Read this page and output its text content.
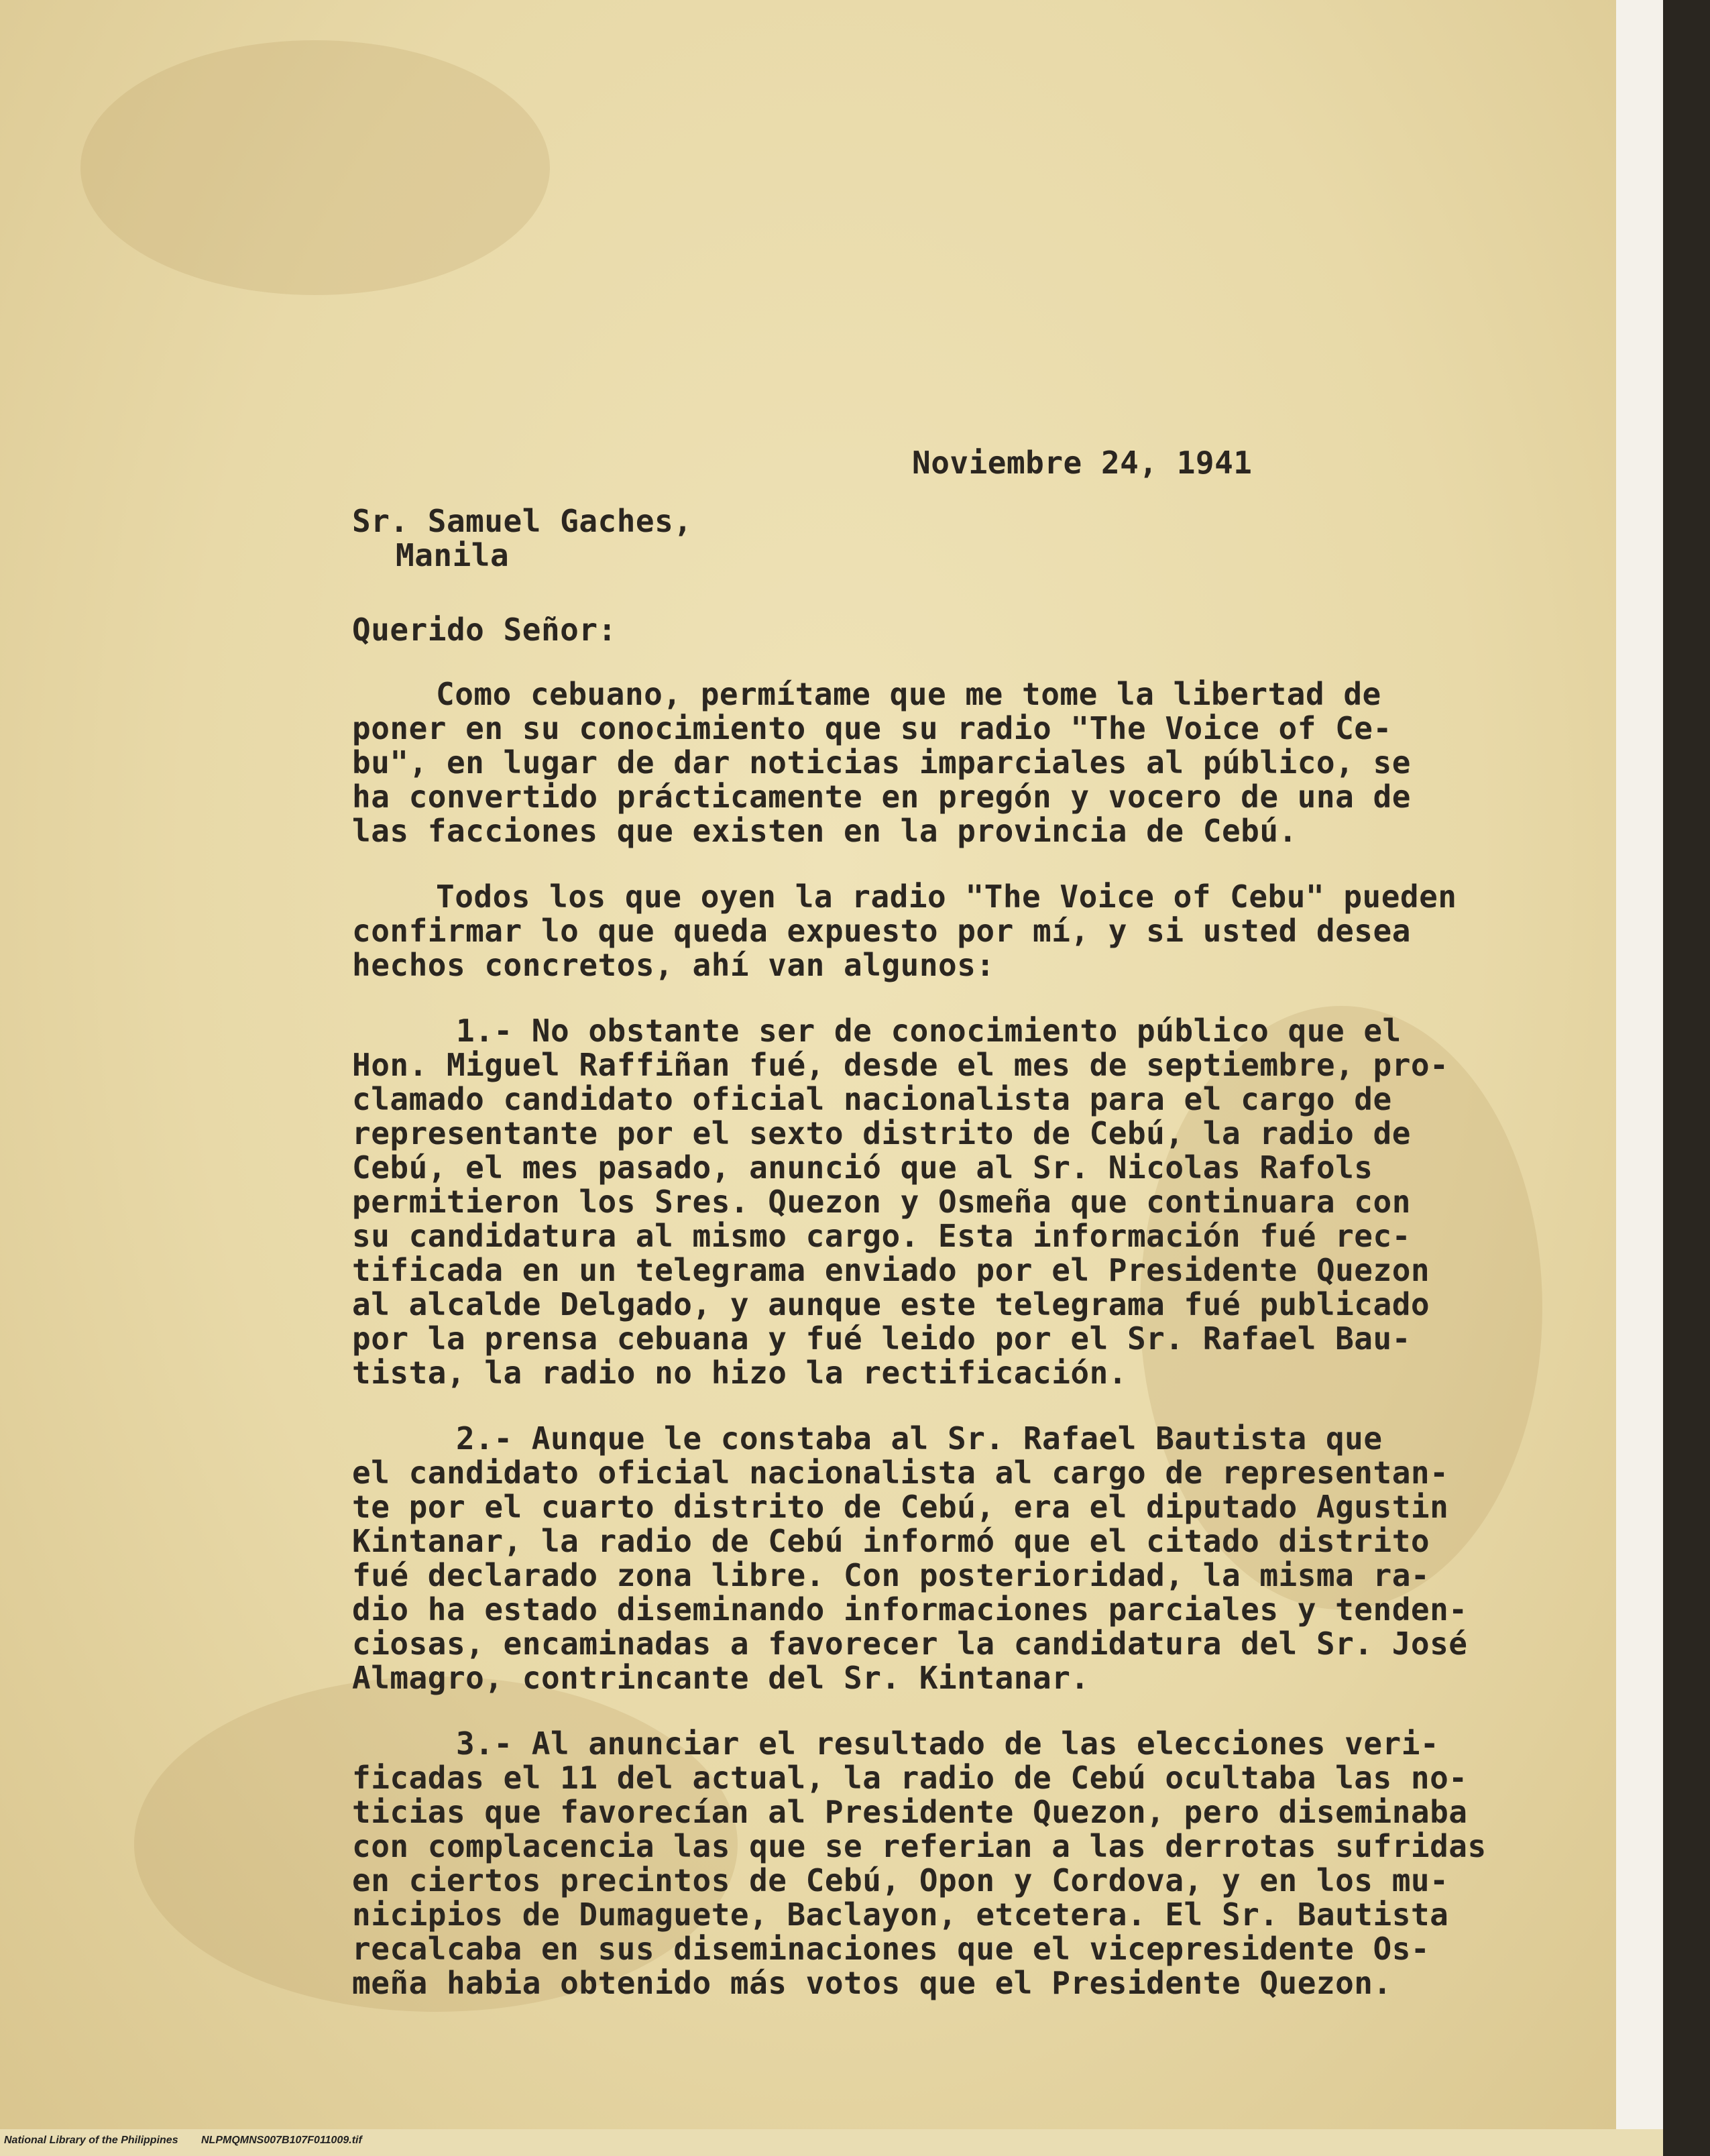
Noviembre 24, 1941
Sr. Samuel Gaches,
Manila
Querido Señor:
Como cebuano, permítame que me tome la libertad de
poner en su conocimiento que su radio "The Voice of Ce-
bu", en lugar de dar noticias imparciales al público, se
ha convertido prácticamente en pregón y vocero de una de
las facciones que existen en la provincia de Cebú.
Todos los que oyen la radio "The Voice of Cebu" pueden
confirmar lo que queda expuesto por mí, y si usted desea
hechos concretos, ahí van algunos:
1.- No obstante ser de conocimiento público que el
Hon. Miguel Raffiñan fué, desde el mes de septiembre, pro-
clamado candidato oficial nacionalista para el cargo de
representante por el sexto distrito de Cebú, la radio de
Cebú, el mes pasado, anunció que al Sr. Nicolas Rafols
permitieron los Sres. Quezon y Osmeña que continuara con
su candidatura al mismo cargo. Esta información fué rec-
tificada en un telegrama enviado por el Presidente Quezon
al alcalde Delgado, y aunque este telegrama fué publicado
por la prensa cebuana y fué leido por el Sr. Rafael Bau-
tista, la radio no hizo la rectificación.
2.- Aunque le constaba al Sr. Rafael Bautista que
el candidato oficial nacionalista al cargo de representan-
te por el cuarto distrito de Cebú, era el diputado Agustin
Kintanar, la radio de Cebú informó que el citado distrito
fué declarado zona libre. Con posterioridad, la misma ra-
dio ha estado diseminando informaciones parciales y tenden-
ciosas, encaminadas a favorecer la candidatura del Sr. José
Almagro, contrincante del Sr. Kintanar.
3.- Al anunciar el resultado de las elecciones veri-
ficadas el 11 del actual, la radio de Cebú ocultaba las no-
ticias que favorecían al Presidente Quezon, pero diseminaba
con complacencia las que se referian a las derrotas sufridas
en ciertos precintos de Cebú, Opon y Cordova, y en los mu-
nicipios de Dumaguete, Baclayon, etcetera. El Sr. Bautista
recalcaba en sus diseminaciones que el vicepresidente Os-
meña habia obtenido más votos que el Presidente Quezon.
National Library of the Philippines NLPMQMNS007B107F011009.tif
